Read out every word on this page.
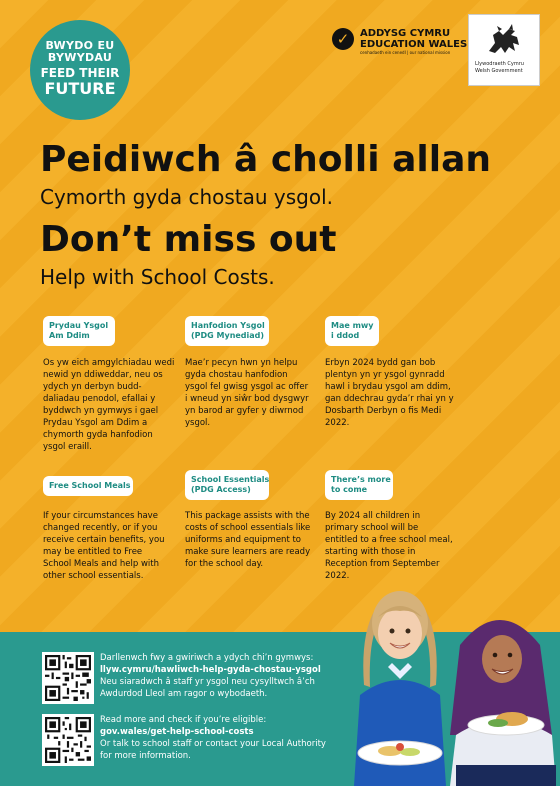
BWYDO EU
BYWYDAU
FEED THEIR
FUTURE
✓	ADDYSG CYMRU
EDUCATION WALES
cenhadaeth ein cenedl | our national mission
Llywodraeth Cymru
Welsh Government
Peidiwch â cholli allan
Cymorth gyda chostau ysgol.
Don’t miss out
Help with School Costs.
Prydau Ysgol
Am Ddim
Hanfodion Ysgol
(PDG Mynediad)
Mae mwy
i ddod
Os yw eich amgylchiadau wedi newid yn ddiweddar, neu os ydych yn derbyn budd-daliadau penodol, efallai y byddwch yn gymwys i gael Prydau Ysgol am Ddim a chymorth gyda hanfodion ysgol eraill.
Mae’r pecyn hwn yn helpu gyda chostau hanfodion ysgol fel gwisg ysgol ac offer i wneud yn siŵr bod dysgwyr yn barod ar gyfer y diwrnod ysgol.
Erbyn 2024 bydd gan bob plentyn yn yr ysgol gynradd hawl i brydau ysgol am ddim, gan ddechrau gyda’r rhai yn y Dosbarth Derbyn o fis Medi 2022.
Free School Meals
School Essentials
(PDG Access)
There’s more
to come
If your circumstances have changed recently, or if you receive certain benefits, you may be entitled to Free School Meals and help with other school essentials.
This package assists with the costs of school essentials like uniforms and equipment to make sure learners are ready for the school day.
By 2024 all children in primary school will be entitled to a free school meal, starting with those in Reception from September 2022.
Darllenwch fwy a gwiriwch a ydych chi’n gymwys:
llyw.cymru/hawliwch-help-gyda-chostau-ysgol
Neu siaradwch â staff yr ysgol neu cysylltwch â’ch Awdurdod Lleol am ragor o wybodaeth.
Read more and check if you’re eligible:
gov.wales/get-help-school-costs
Or talk to school staff or contact your Local Authority for more information.
